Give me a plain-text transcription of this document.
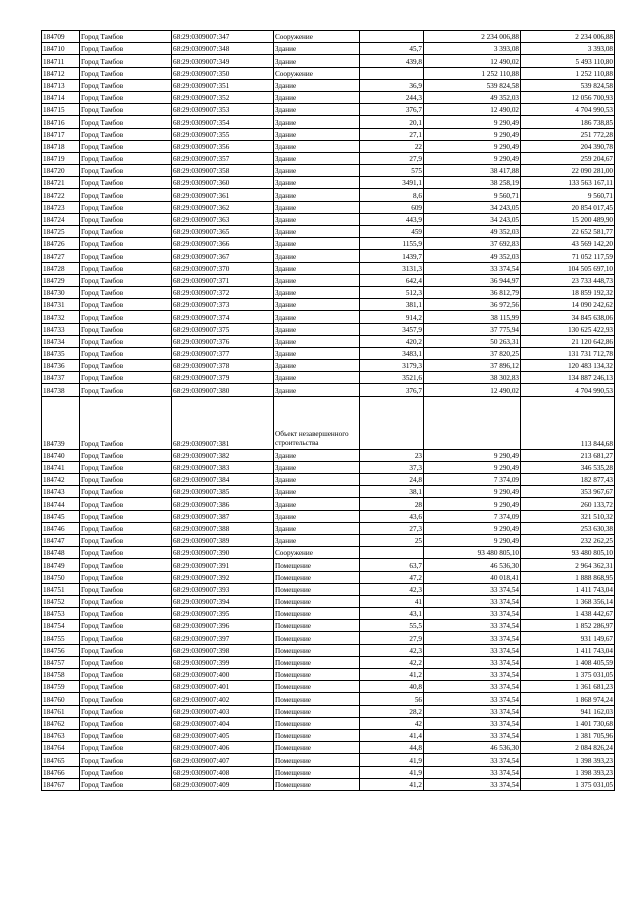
184709	Город Тамбов	68:29:0309007:347	Сооружение		2 234 006,88	2 234 006,88
184710	Город Тамбов	68:29:0309007:348	Здание	45,7	3 393,08	3 393,08
184711	Город Тамбов	68:29:0309007:349	Здание	439,8	12 490,02	5 493 110,80
184712	Город Тамбов	68:29:0309007:350	Сооружение		1 252 110,88	1 252 110,88
184713	Город Тамбов	68:29:0309007:351	Здание	36,9	539 824,58	539 824,58
184714	Город Тамбов	68:29:0309007:352	Здание	244,3	49 352,03	12 056 700,93
184715	Город Тамбов	68:29:0309007:353	Здание	376,7	12 490,02	4 704 990,53
184716	Город Тамбов	68:29:0309007:354	Здание	20,1	9 290,49	186 738,85
184717	Город Тамбов	68:29:0309007:355	Здание	27,1	9 290,49	251 772,28
184718	Город Тамбов	68:29:0309007:356	Здание	22	9 290,49	204 390,78
184719	Город Тамбов	68:29:0309007:357	Здание	27,9	9 290,49	259 204,67
184720	Город Тамбов	68:29:0309007:358	Здание	575	38 417,88	22 090 281,00
184721	Город Тамбов	68:29:0309007:360	Здание	3491,1	38 258,19	133 563 167,11
184722	Город Тамбов	68:29:0309007:361	Здание	8,6	9 560,71	9 560,71
184723	Город Тамбов	68:29:0309007:362	Здание	609	34 243,05	20 854 017,45
184724	Город Тамбов	68:29:0309007:363	Здание	443,9	34 243,05	15 200 489,90
184725	Город Тамбов	68:29:0309007:365	Здание	459	49 352,03	22 652 581,77
184726	Город Тамбов	68:29:0309007:366	Здание	1155,9	37 692,83	43 569 142,20
184727	Город Тамбов	68:29:0309007:367	Здание	1439,7	49 352,03	71 052 117,59
184728	Город Тамбов	68:29:0309007:370	Здание	3131,3	33 374,54	104 505 697,10
184729	Город Тамбов	68:29:0309007:371	Здание	642,4	36 944,97	23 733 448,73
184730	Город Тамбов	68:29:0309007:372	Здание	512,3	36 812,79	18 859 192,32
184731	Город Тамбов	68:29:0309007:373	Здание	381,1	36 972,56	14 090 242,62
184732	Город Тамбов	68:29:0309007:374	Здание	914,2	38 115,99	34 845 638,06
184733	Город Тамбов	68:29:0309007:375	Здание	3457,9	37 775,94	130 625 422,93
184734	Город Тамбов	68:29:0309007:376	Здание	420,2	50 263,31	21 120 642,86
184735	Город Тамбов	68:29:0309007:377	Здание	3483,1	37 820,25	131 731 712,78
184736	Город Тамбов	68:29:0309007:378	Здание	3179,3	37 896,12	120 483 134,32
184737	Город Тамбов	68:29:0309007:379	Здание	3521,6	38 302,83	134 887 246,13
184738	Город Тамбов	68:29:0309007:380	Здание	376,7	12 490,02	4 704 990,53
184739	Город Тамбов	68:29:0309007:381	Объект незавершенного строительства			113 844,68
184740	Город Тамбов	68:29:0309007:382	Здание	23	9 290,49	213 681,27
184741	Город Тамбов	68:29:0309007:383	Здание	37,3	9 290,49	346 535,28
184742	Город Тамбов	68:29:0309007:384	Здание	24,8	7 374,09	182 877,43
184743	Город Тамбов	68:29:0309007:385	Здание	38,1	9 290,49	353 967,67
184744	Город Тамбов	68:29:0309007:386	Здание	28	9 290,49	260 133,72
184745	Город Тамбов	68:29:0309007:387	Здание	43,6	7 374,09	321 510,32
184746	Город Тамбов	68:29:0309007:388	Здание	27,3	9 290,49	253 630,38
184747	Город Тамбов	68:29:0309007:389	Здание	25	9 290,49	232 262,25
184748	Город Тамбов	68:29:0309007:390	Сооружение		93 480 805,10	93 480 805,10
184749	Город Тамбов	68:29:0309007:391	Помещение	63,7	46 536,30	2 964 362,31
184750	Город Тамбов	68:29:0309007:392	Помещение	47,2	40 018,41	1 888 868,95
184751	Город Тамбов	68:29:0309007:393	Помещение	42,3	33 374,54	1 411 743,04
184752	Город Тамбов	68:29:0309007:394	Помещение	41	33 374,54	1 368 356,14
184753	Город Тамбов	68:29:0309007:395	Помещение	43,1	33 374,54	1 438 442,67
184754	Город Тамбов	68:29:0309007:396	Помещение	55,5	33 374,54	1 852 286,97
184755	Город Тамбов	68:29:0309007:397	Помещение	27,9	33 374,54	931 149,67
184756	Город Тамбов	68:29:0309007:398	Помещение	42,3	33 374,54	1 411 743,04
184757	Город Тамбов	68:29:0309007:399	Помещение	42,2	33 374,54	1 408 405,59
184758	Город Тамбов	68:29:0309007:400	Помещение	41,2	33 374,54	1 375 031,05
184759	Город Тамбов	68:29:0309007:401	Помещение	40,8	33 374,54	1 361 681,23
184760	Город Тамбов	68:29:0309007:402	Помещение	56	33 374,54	1 868 974,24
184761	Город Тамбов	68:29:0309007:403	Помещение	28,2	33 374,54	941 162,03
184762	Город Тамбов	68:29:0309007:404	Помещение	42	33 374,54	1 401 730,68
184763	Город Тамбов	68:29:0309007:405	Помещение	41,4	33 374,54	1 381 705,96
184764	Город Тамбов	68:29:0309007:406	Помещение	44,8	46 536,30	2 084 826,24
184765	Город Тамбов	68:29:0309007:407	Помещение	41,9	33 374,54	1 398 393,23
184766	Город Тамбов	68:29:0309007:408	Помещение	41,9	33 374,54	1 398 393,23
184767	Город Тамбов	68:29:0309007:409	Помещение	41,2	33 374,54	1 375 031,05
